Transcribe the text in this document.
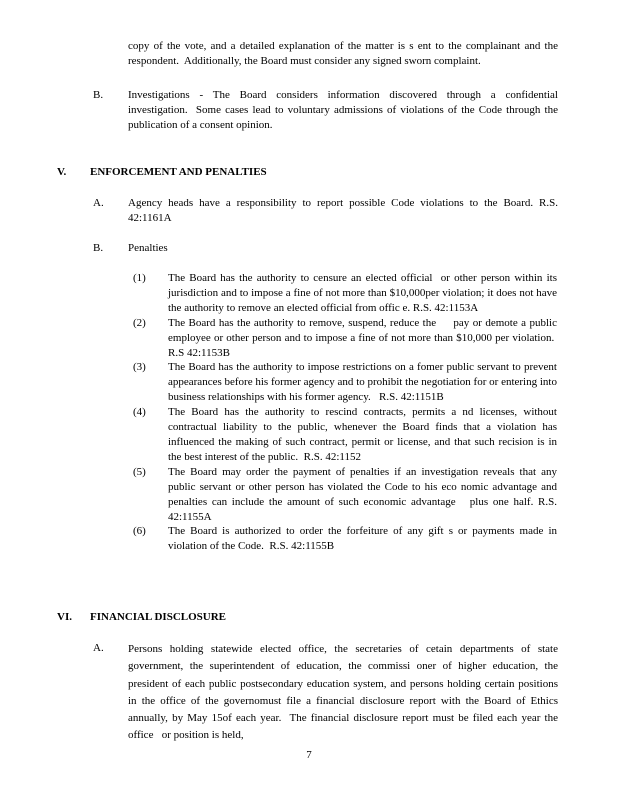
copy of the vote, and a detailed explanation of the matter is s ent to the complainant and the respondent.  Additionally, the Board must consider any signed sworn complaint.
B.	Investigations - The Board considers information discovered through a confidential investigation.  Some cases lead to voluntary admissions of violations of the Code through the publication of a consent opinion.
V.	ENFORCEMENT AND PENALTIES
A.	Agency heads have a responsibility to report possible Code violations to the Board. R.S. 42:1161A
B.	Penalties
(1)	The Board has the authority to censure an elected official  or other person within its jurisdiction and to impose a fine of not more than $10,000per violation; it does not have the authority to remove an elected official from offic e. R.S. 42:1153A
(2)	The Board has the authority to remove, suspend, reduce the     pay or demote a public employee or other person and to impose a fine of not more than $10,000 per violation.  R.S 42:1153B
(3)	The Board has the authority to impose restrictions on a fomer public servant to prevent appearances before his former agency and to prohibit the negotiation for or entering into business relationships with his former agency.   R.S. 42:1151B
(4)	The Board has the authority to rescind contracts, permits a nd licenses, without contractual liability to the public, whenever the Board finds that a violation has influenced the making of such contract, permit or license, and that such recision is in the best interest of the public.  R.S. 42:1152
(5)	The Board may order the payment of penalties if an investigation reveals that any public servant or other person has violated the Code to his eco nomic advantage and penalties can include the amount of such economic advantage   plus one half. R.S. 42:1155A
(6)	The Board is authorized to order the forfeiture of any gift s or payments made in violation of the Code.  R.S. 42:1155B
VI.	FINANCIAL DISCLOSURE
A.	Persons holding statewide elected office, the secretaries of cetain departments of state government, the superintendent of education, the commissi oner of higher education, the president of each public postsecondary education system, and persons holding certain positions in the office of the governomust file a financial disclosure report with the Board of Ethics annually, by May 15of each year.  The financial disclosure report must be filed each year the office   or position is held,
7
